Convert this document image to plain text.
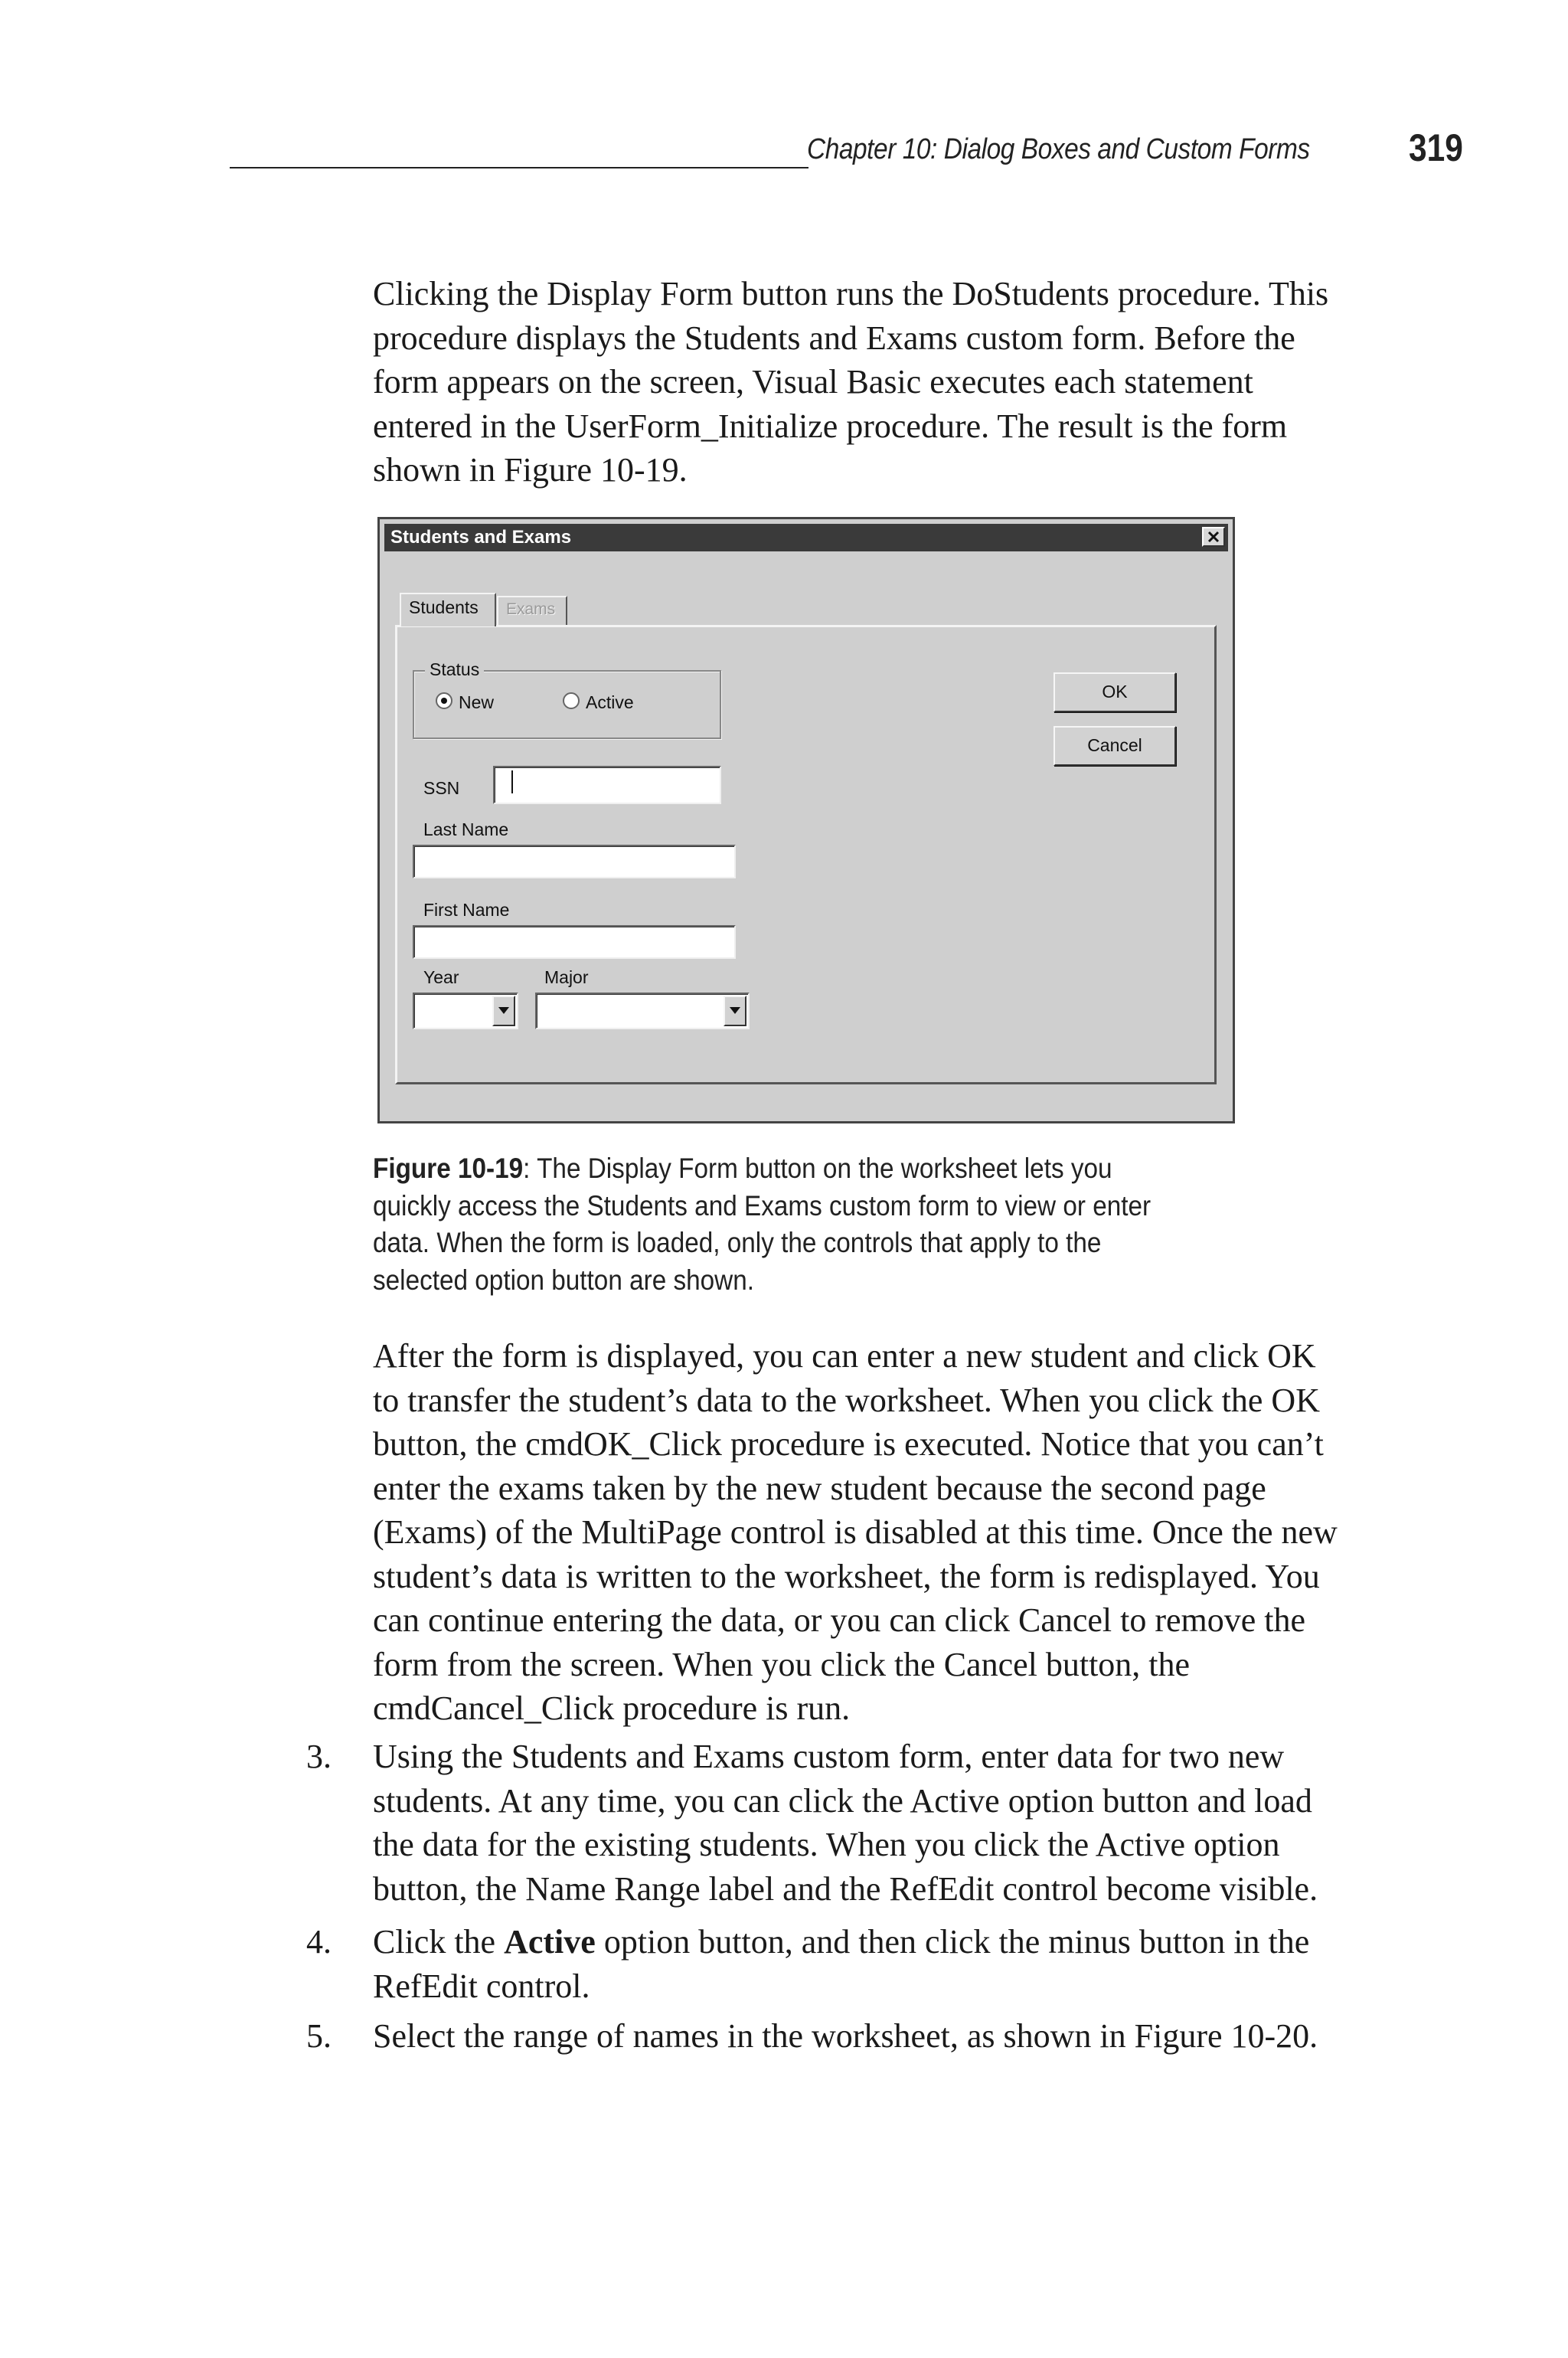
Chapter 10: Dialog Boxes and Custom Forms	319
Clicking the Display Form button runs the DoStudents procedure. This
procedure displays the Students and Exams custom form. Before the
form appears on the screen, Visual Basic executes each statement
entered in the UserForm_Initialize procedure. The result is the form
shown in Figure 10-19.
Students and Exams
Students Exams
Status
New	Active
OK
Cancel
SSN
Last Name
First Name
Year	Major
Figure 10-19: The Display Form button on the worksheet lets you
quickly access the Students and Exams custom form to view or enter
data. When the form is loaded, only the controls that apply to the
selected option button are shown.
After the form is displayed, you can enter a new student and click OK
to transfer the student’s data to the worksheet. When you click the OK
button, the cmdOK_Click procedure is executed. Notice that you can’t
enter the exams taken by the new student because the second page
(Exams) of the MultiPage control is disabled at this time. Once the new
student’s data is written to the worksheet, the form is redisplayed. You
can continue entering the data, or you can click Cancel to remove the
form from the screen. When you click the Cancel button, the
cmdCancel_Click procedure is run.
3. Using the Students and Exams custom form, enter data for two new
students. At any time, you can click the Active option button and load
the data for the existing students. When you click the Active option
button, the Name Range label and the RefEdit control become visible.
4. Click the Active option button, and then click the minus button in the
RefEdit control.
5. Select the range of names in the worksheet, as shown in Figure 10-20.
